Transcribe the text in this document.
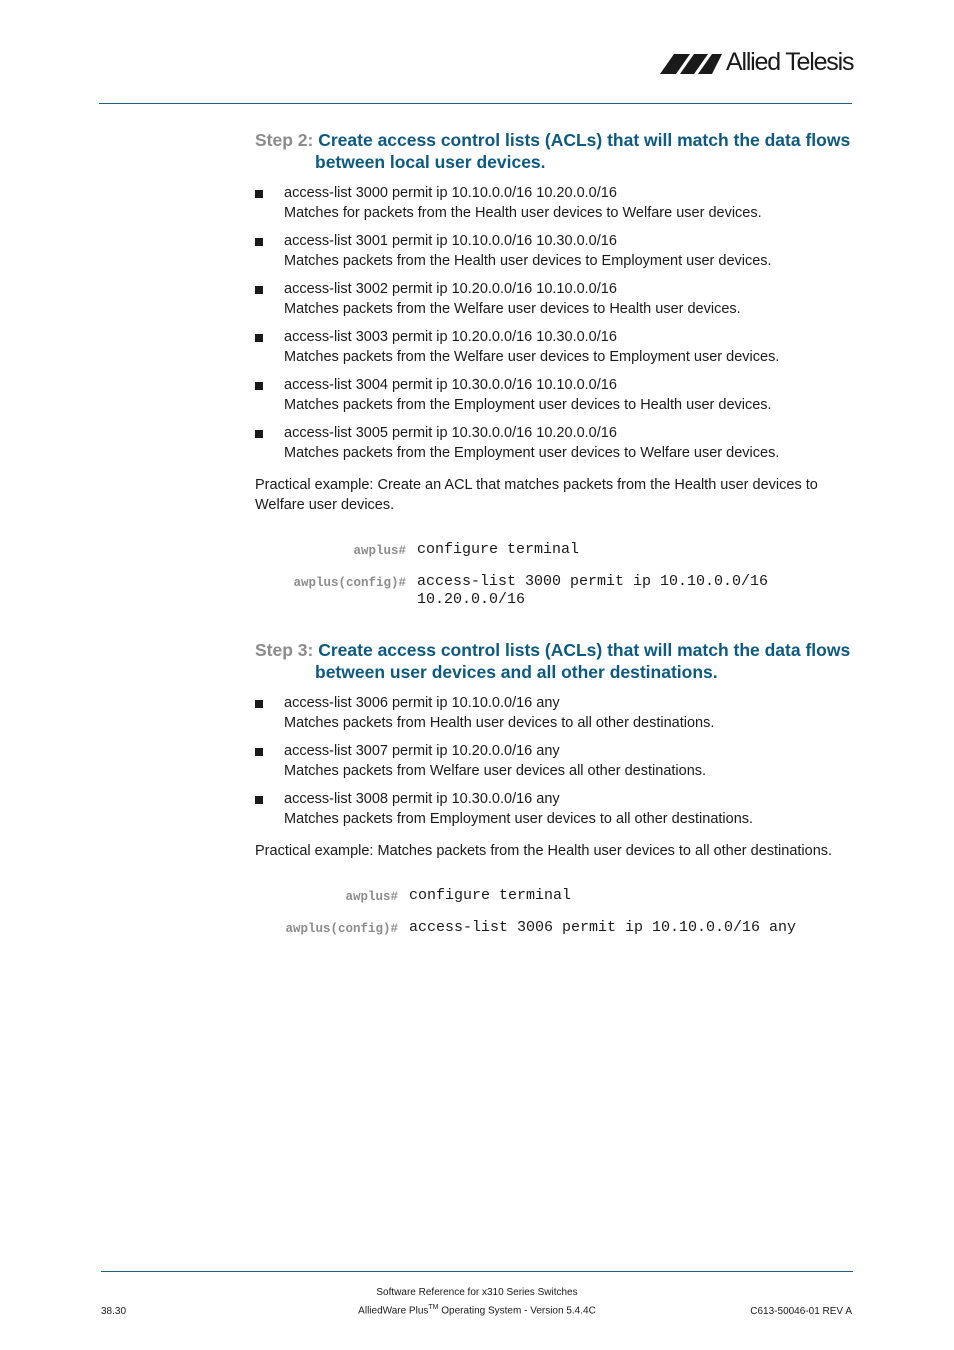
Allied Telesis
Step 2: Create access control lists (ACLs) that will match the data flows
between local user devices.
access-list 3000 permit ip 10.10.0.0/16 10.20.0.0/16
Matches for packets from the Health user devices to Welfare user devices.
access-list 3001 permit ip 10.10.0.0/16 10.30.0.0/16
Matches packets from the Health user devices to Employment user devices.
access-list 3002 permit ip 10.20.0.0/16 10.10.0.0/16
Matches packets from the Welfare user devices to Health user devices.
access-list 3003 permit ip 10.20.0.0/16 10.30.0.0/16
Matches packets from the Welfare user devices to Employment user devices.
access-list 3004 permit ip 10.30.0.0/16 10.10.0.0/16
Matches packets from the Employment user devices to Health user devices.
access-list 3005 permit ip 10.30.0.0/16 10.20.0.0/16
Matches packets from the Employment user devices to Welfare user devices.

Practical example: Create an ACL that matches packets from the Health user devices to
Welfare user devices.

awplus# configure terminal
awplus(config)# access-list 3000 permit ip 10.10.0.0/16
10.20.0.0/16
Step 3: Create access control lists (ACLs) that will match the data flows
between user devices and all other destinations.
access-list 3006 permit ip 10.10.0.0/16 any
Matches packets from Health user devices to all other destinations.
access-list 3007 permit ip 10.20.0.0/16 any
Matches packets from Welfare user devices all other destinations.
access-list 3008 permit ip 10.30.0.0/16 any
Matches packets from Employment user devices to all other destinations.

Practical example: Matches packets from the Health user devices to all other destinations.

awplus# configure terminal
awplus(config)# access-list 3006 permit ip 10.10.0.0/16 any
Software Reference for x310 Series Switches
AlliedWare Plus™ Operating System - Version 5.4.4C
38.30	C613-50046-01 REV A
